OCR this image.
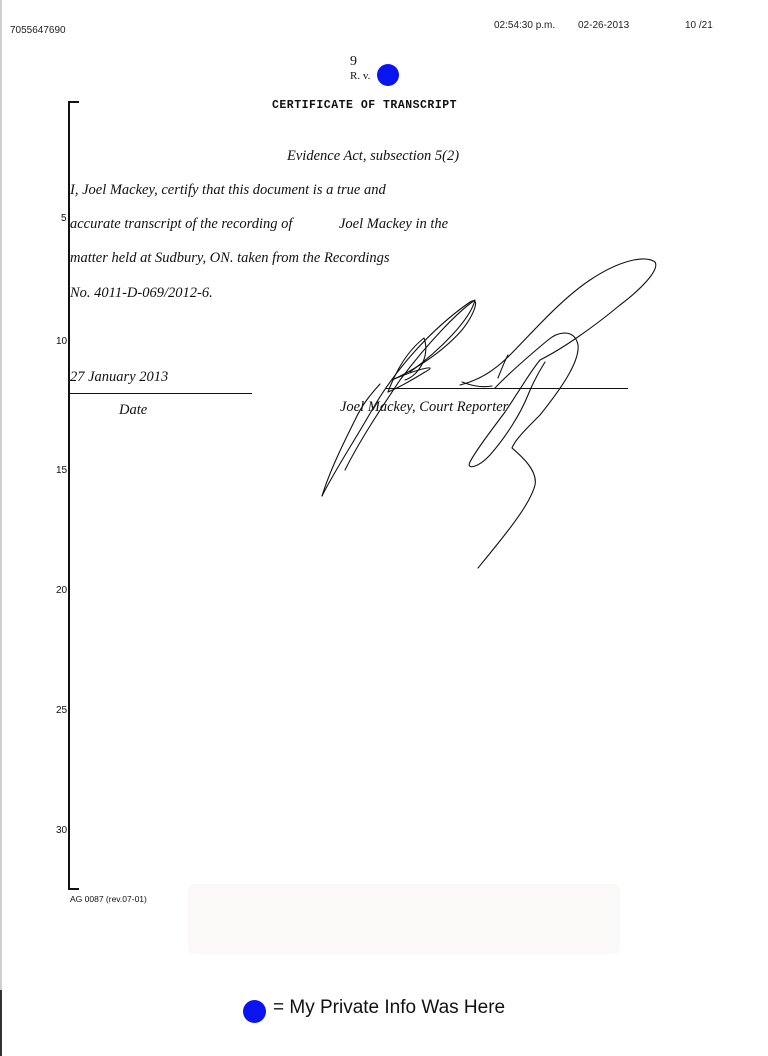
7055647690	02:54:30 p.m. 02-26-2013	10 /21
9
R. v.
CERTIFICATE OF TRANSCRIPT
5
10
15
20
25
30
Evidence Act, subsection 5(2)
I, Joel Mackey, certify that this document is a true and
accurate transcript of the recording of	Joel Mackey in the
matter held at Sudbury, ON. taken from the Recordings
No. 4011-D-069/2012-6.
27 January 2013
Date	Joel Mackey, Court Reporter
AG 0087 (rev.07-01)
= My Private Info Was Here
